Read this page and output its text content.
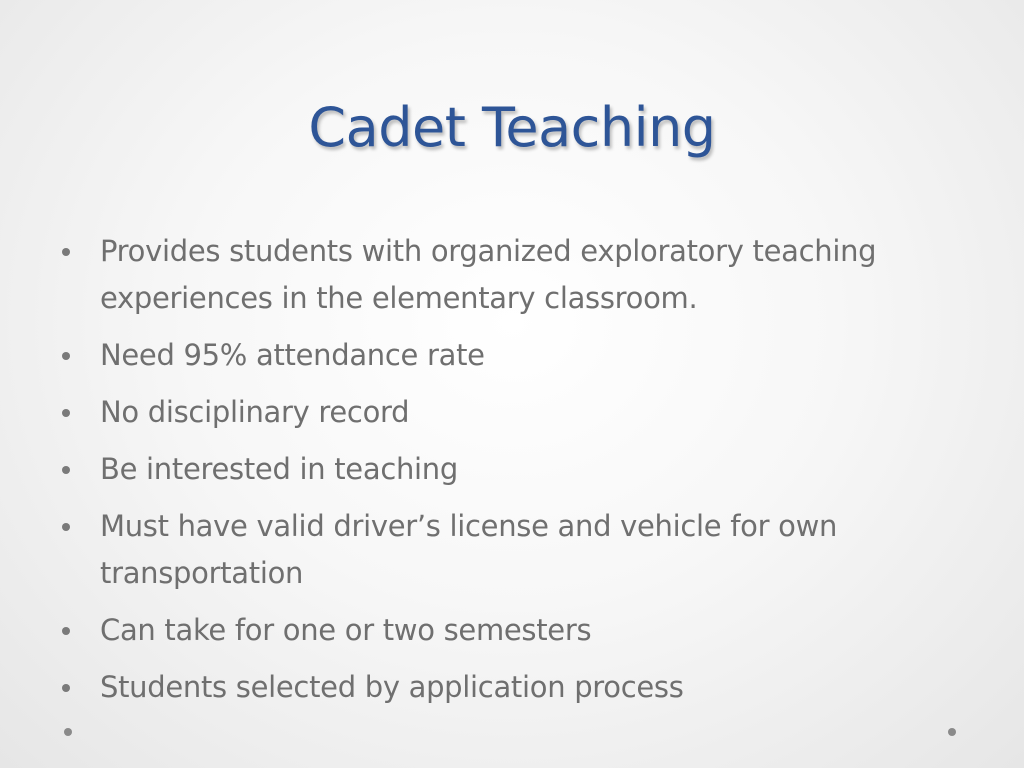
Cadet Teaching
Provides students with organized exploratory teaching experiences in the elementary classroom.
Need 95% attendance rate
No disciplinary record
Be interested in teaching
Must have valid driver’s license and vehicle for own transportation
Can take for one or two semesters
Students selected by application process
